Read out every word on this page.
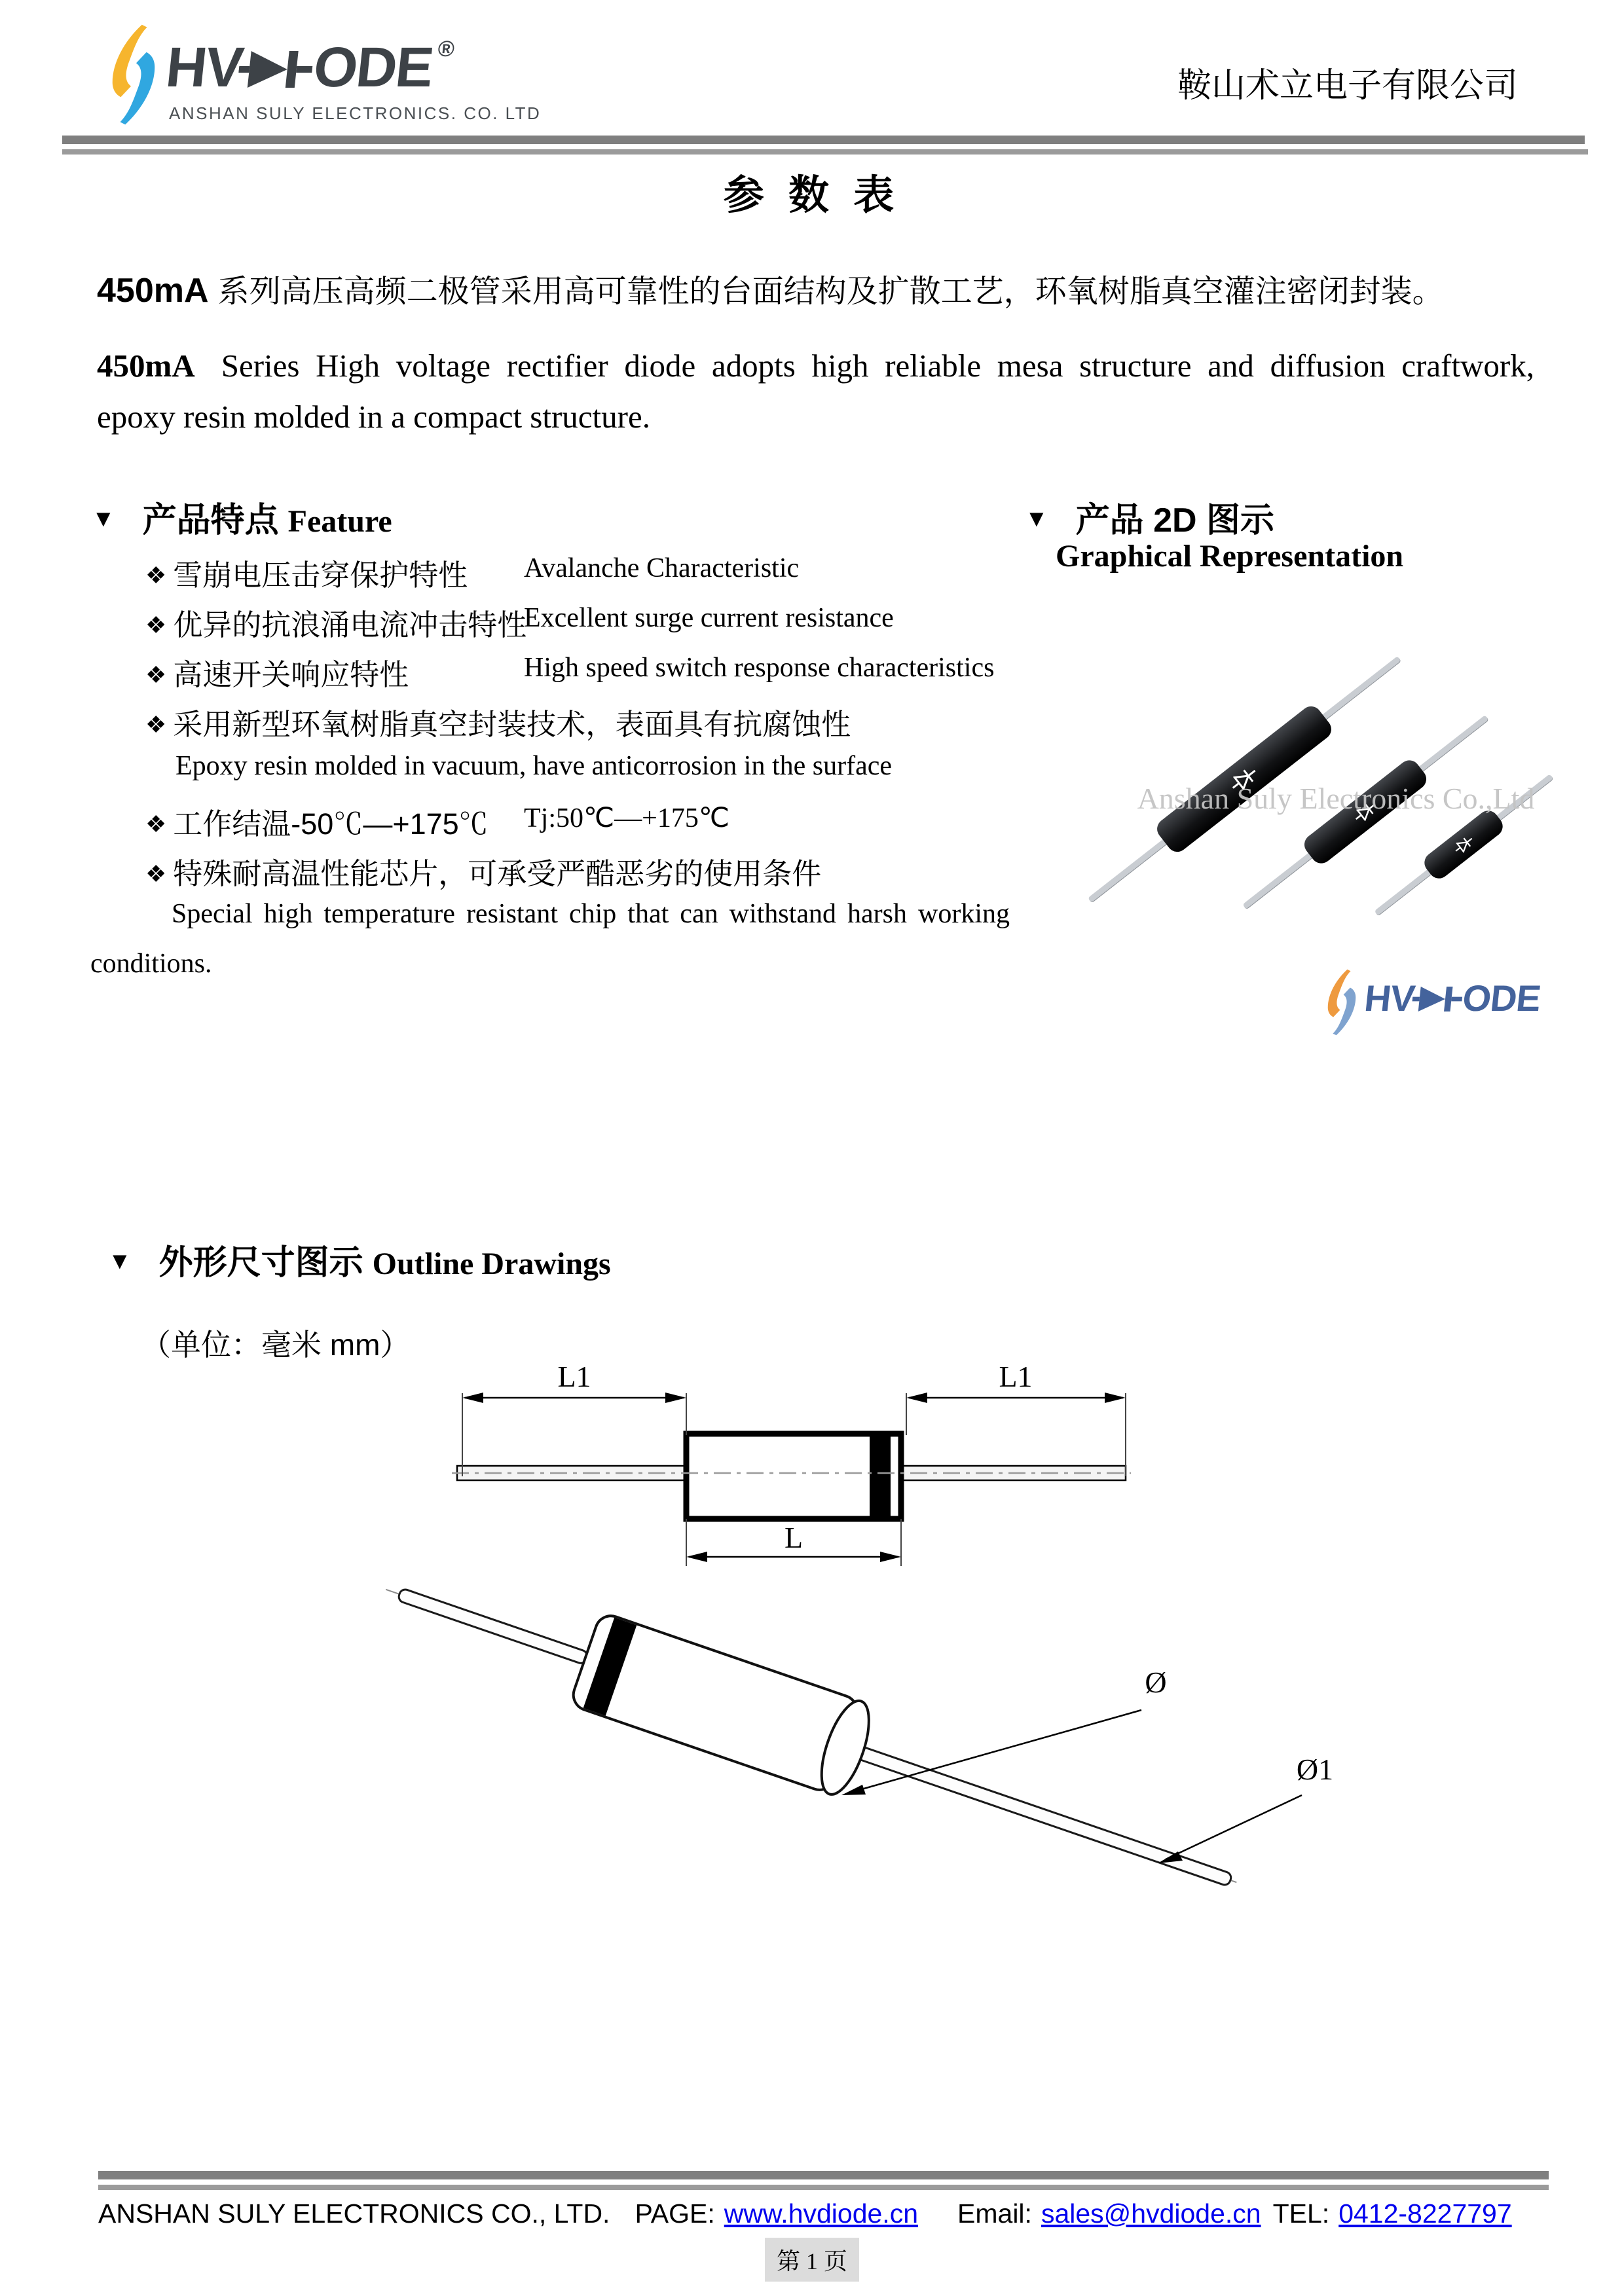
HV ODE®
ANSHAN SULY ELECTRONICS. CO. LTD
鞍山术立电子有限公司
参 数 表
450mA 系列高压高频二极管采用高可靠性的台面结构及扩散工艺，环氧树脂真空灌注密闭封装。
450mA Series High voltage rectifier diode adopts high reliable mesa structure and diffusion craftwork,
epoxy resin molded in a compact structure.
▼ 产品特点 Feature
❖ 雪崩电压击穿保护特性 Avalanche Characteristic
❖ 优异的抗浪涌电流冲击特性
Excellent surge current resistance
❖ 高速开关响应特性	High speed switch response characteristics
❖ 采用新型环氧树脂真空封装技术，表面具有抗腐蚀性
Epoxy resin molded in vacuum, have anticorrosion in the surface
❖ 工作结温-50℃—+175℃ Tj:50℃—+175℃
❖ 特殊耐高温性能芯片，可承受严酷恶劣的使用条件
Special high temperature resistant chip that can withstand harsh working
conditions.
▼ 产品 2D 图示
Graphical Representation
Anshan Suly Electronics Co.,Ltd
HV ODE
▼ 外形尺寸图示 Outline Drawings
（单位：毫米 mm）
L1	L1
L
Ø
Ø1
ANSHAN SULY ELECTRONICS CO., LTD. PAGE: www.hvdiode.cn Email: sales@hvdiode.cn TEL: 0412-8227797
第 1 页
